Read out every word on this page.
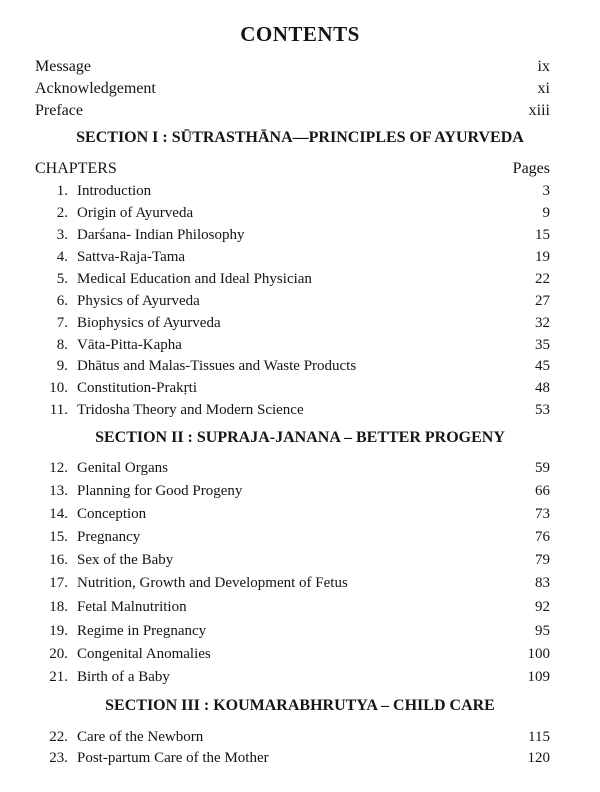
CONTENTS
Message	ix
Acknowledgement	xi
Preface	xiii
SECTION I : SŪTRASTHĀNA—PRINCIPLES OF AYURVEDA
CHAPTERS	Pages
1. Introduction	3
2. Origin of Ayurveda	9
3. Darśana- Indian Philosophy	15
4. Sattva-Raja-Tama	19
5. Medical Education and Ideal Physician	22
6. Physics of Ayurveda	27
7. Biophysics of Ayurveda	32
8. Vāta-Pitta-Kapha	35
9. Dhātus and Malas-Tissues and Waste Products	45
10. Constitution-Prakṛti	48
11. Tridosha Theory and Modern Science	53
SECTION II : SUPRAJA-JANANA – BETTER PROGENY
12. Genital Organs	59
13. Planning for Good Progeny	66
14. Conception	73
15. Pregnancy	76
16. Sex of the Baby	79
17. Nutrition, Growth and Development of Fetus	83
18. Fetal Malnutrition	92
19. Regime in Pregnancy	95
20. Congenital Anomalies	100
21. Birth of a Baby	109
SECTION III : KOUMARABHRUTYA – CHILD CARE
22. Care of the Newborn	115
23. Post-partum Care of the Mother	120
